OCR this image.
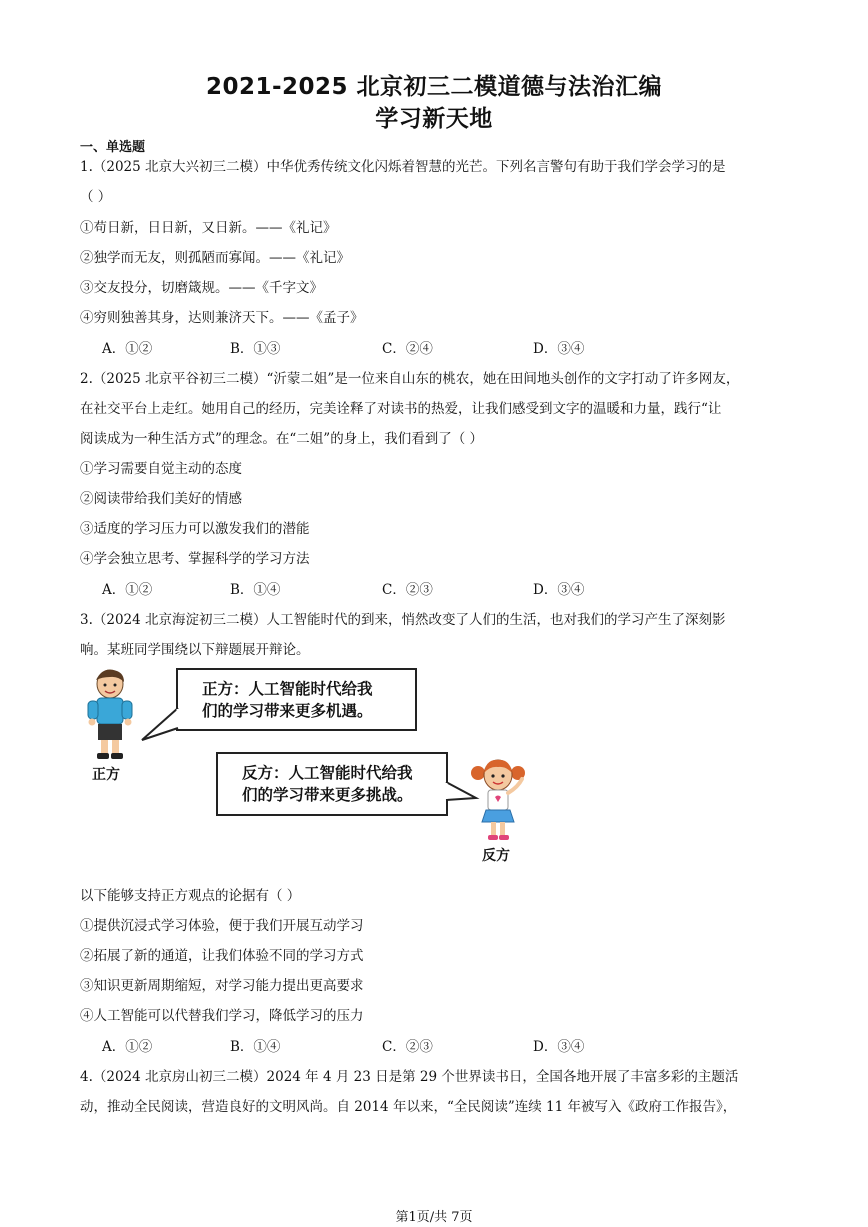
2021-2025 北京初三二模道德与法治汇编
学习新天地
一、单选题
1.（2025 北京大兴初三二模）中华优秀传统文化闪烁着智慧的光芒。下列名言警句有助于我们学会学习的是
（ ）
①苟日新，日日新，又日新。——《礼记》
②独学而无友，则孤陋而寡闻。——《礼记》
③交友投分，切磨箴规。——《千字文》
④穷则独善其身，达则兼济天下。——《孟子》
A．①②	B．①③	C．②④	D．③④
2.（2025 北京平谷初三二模）“沂蒙二姐”是一位来自山东的桃农，她在田间地头创作的文字打动了许多网友，
在社交平台上走红。她用自己的经历，完美诠释了对读书的热爱，让我们感受到文字的温暖和力量，践行“让
阅读成为一种生活方式”的理念。在“二姐”的身上，我们看到了（ ）
①学习需要自觉主动的态度
②阅读带给我们美好的情感
③适度的学习压力可以激发我们的潜能
④学会独立思考、掌握科学的学习方法
A．①②	B．①④	C．②③	D．③④
3.（2024 北京海淀初三二模）人工智能时代的到来，悄然改变了人们的生活，也对我们的学习产生了深刻影
响。某班同学围绕以下辩题展开辩论。
正方
正方：人工智能时代给我
们的学习带来更多机遇。
反方：人工智能时代给我
们的学习带来更多挑战。
反方
以下能够支持正方观点的论据有（ ）
①提供沉浸式学习体验，便于我们开展互动学习
②拓展了新的通道，让我们体验不同的学习方式
③知识更新周期缩短，对学习能力提出更高要求
④人工智能可以代替我们学习，降低学习的压力
A．①②	B．①④	C．②③	D．③④
4.（2024 北京房山初三二模）2024 年 4 月 23 日是第 29 个世界读书日，全国各地开展了丰富多彩的主题活
动，推动全民阅读，营造良好的文明风尚。自 2014 年以来，“全民阅读”连续 11 年被写入《政府工作报告》，
第1页/共 7页
